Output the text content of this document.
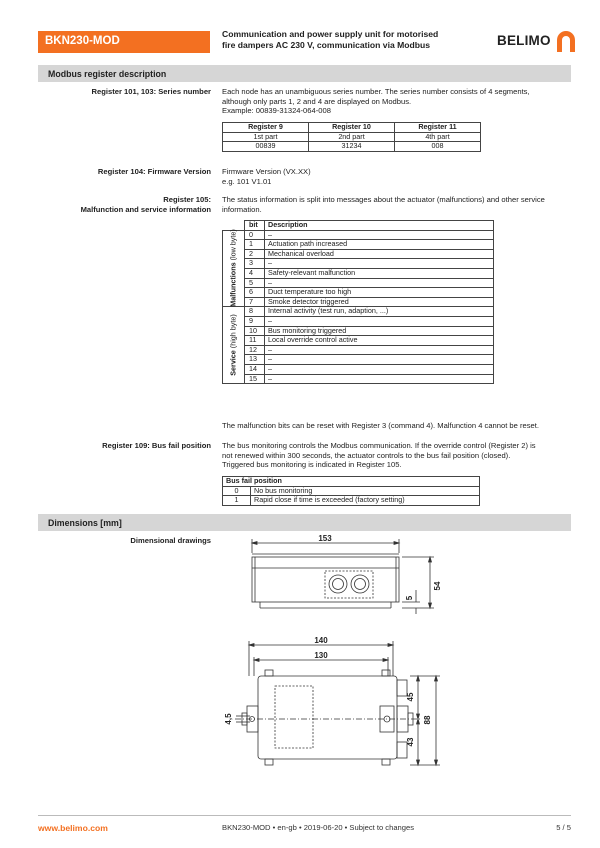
BKN230-MOD
Communication and power supply unit for motorised
fire dampers AC 230 V, communication via Modbus	BELIMO
Modbus register description
Register 101, 103: Series number Each node has an unambiguous series number. The series number consists of 4 segments,
although only parts 1, 2 and 4 are displayed on Modbus.
Example: 00839-31324-064-008
Register 9	Register 10	Register 11
1st part	2nd part	4th part
00839	31234	008
Register 104: Firmware Version Firmware Version (VX.XX)
e.g. 101 V1.01
Register 105:
Malfunction and service information
The status information is split into messages about the actuator (malfunctions) and other service
information.
	bit	Description

Malfunctions (low byte)	0	–
	1	Actuation path increased
	2	Mechanical overload
	3	–
	4	Safety-relevant malfunction
	5	–
	6	Duct temperature too high
	7	Smoke detector triggered

Service (high byte)	8	Internal activity (test run, adaption, ...)
	9	–
	10	Bus monitoring triggered
	11	Local override control active
	12	–
	13	–
	14	–
	15	–
The malfunction bits can be reset with Register 3 (command 4). Malfunction 4 cannot be reset.
Register 109: Bus fail position The bus monitoring controls the Modbus communication. If the override control (Register 2) is
not renewed within 300 seconds, the actuator controls to the bus fail position (closed).
Triggered bus monitoring is indicated in Register 105.
Bus fail position	
0	No bus monitoring
1	Rapid close if time is exceeded (factory setting)
Dimensions [mm]
Dimensional drawings	153
54
5
140
130
88
45
43
4,5
www.belimo.com	BKN230-MOD • en-gb • 2019-06-20 • Subject to changes	5 / 5
